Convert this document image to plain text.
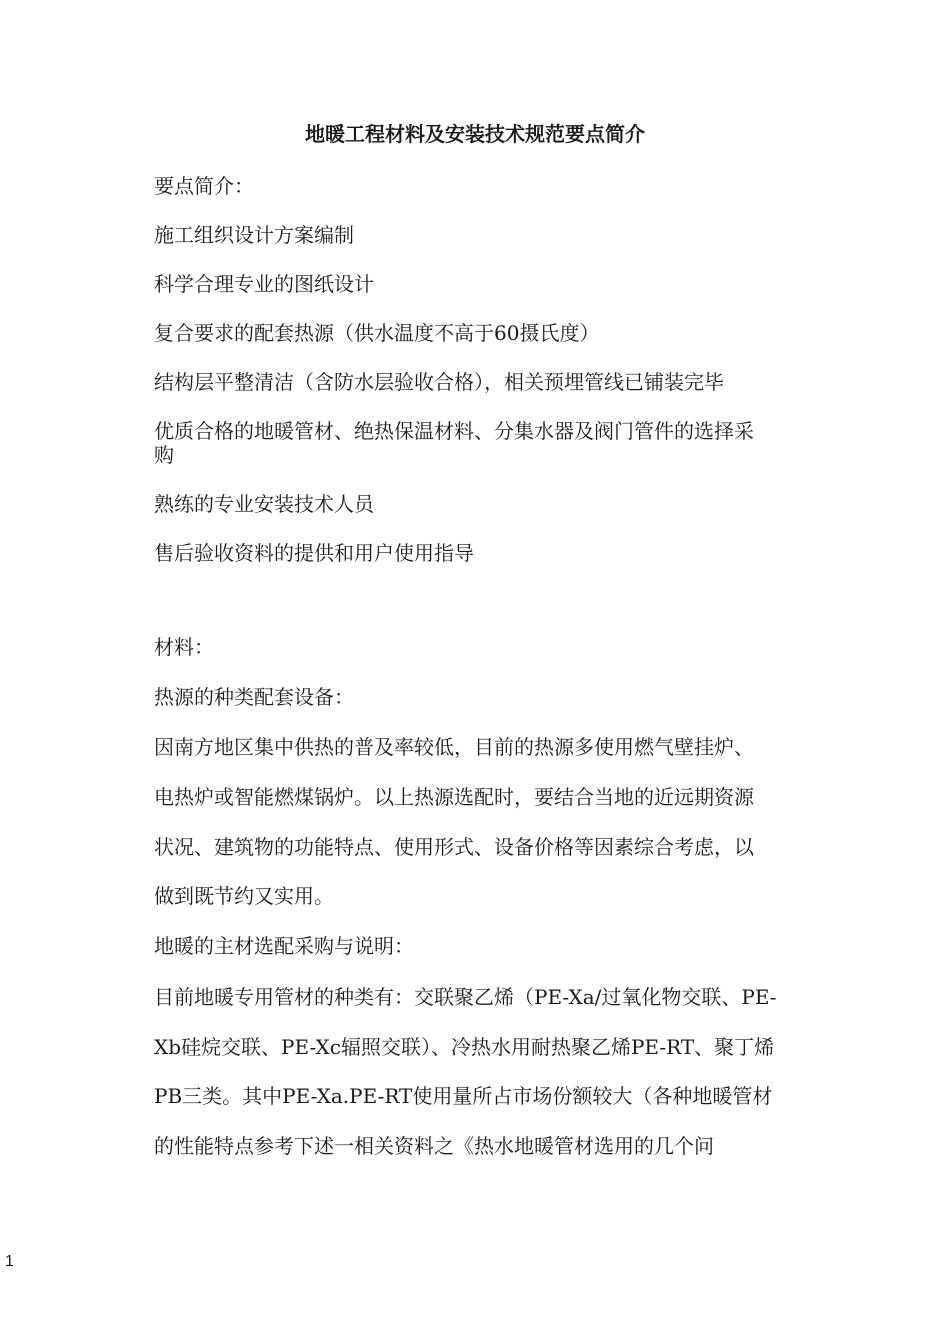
地暖工程材料及安装技术规范要点简介

要点简介：

施工组织设计方案编制

科学合理专业的图纸设计

复合要求的配套热源（供水温度不高于60摄氏度）

结构层平整清洁（含防水层验收合格），相关预埋管线已铺装完毕

优质合格的地暖管材、绝热保温材料、分集水器及阀门管件的选择采

购

熟练的专业安装技术人员

售后验收资料的提供和用户使用指导

材料：

热源的种类配套设备：

因南方地区集中供热的普及率较低，目前的热源多使用燃气壁挂炉、

电热炉或智能燃煤锅炉。以上热源选配时，要结合当地的近远期资源

状况、建筑物的功能特点、使用形式、设备价格等因素综合考虑，以

做到既节约又实用。

地暖的主材选配采购与说明：

目前地暖专用管材的种类有：交联聚乙烯（PE-Xa/过氧化物交联、PE-

Xb硅烷交联、PE-Xc辐照交联）、冷热水用耐热聚乙烯PE-RT、聚丁烯

PB三类。其中PE-Xa.PE-RT使用量所占市场份额较大（各种地暖管材

的性能特点参考下述一相关资料之《热水地暖管材选用的几个问

1
